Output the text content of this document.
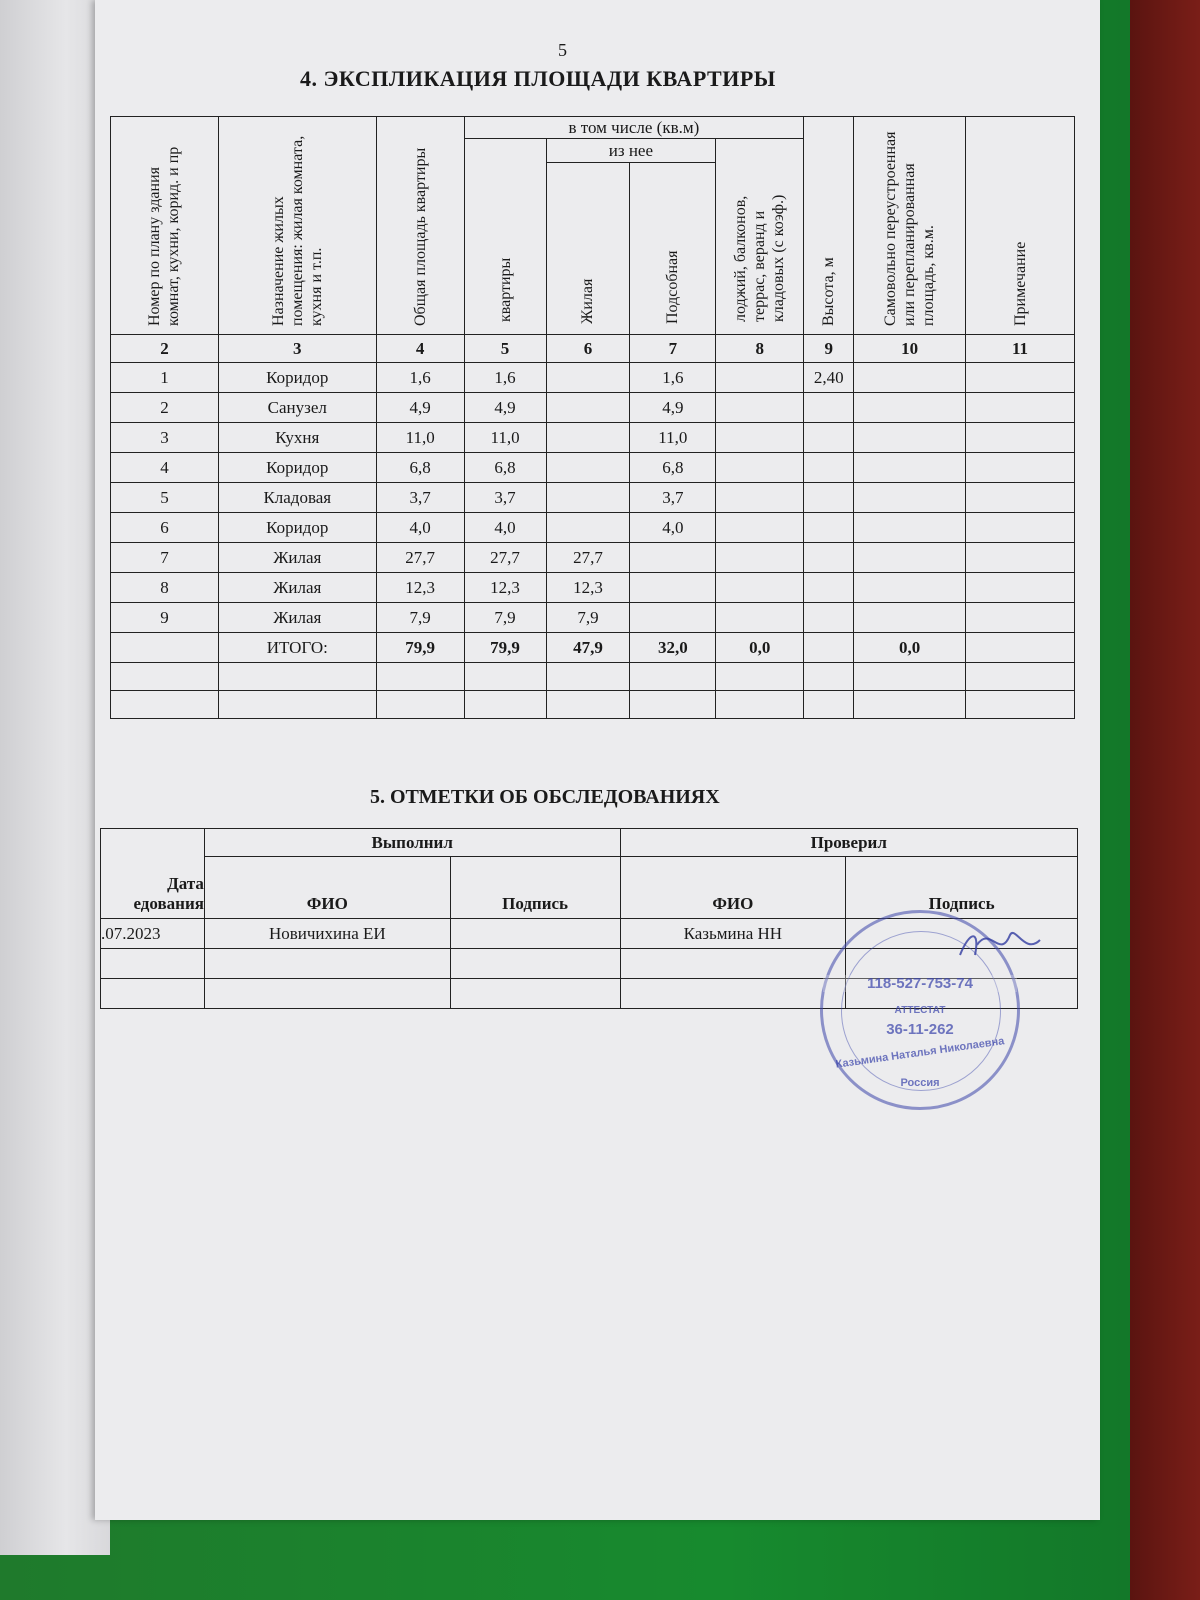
5
4. ЭКСПЛИКАЦИЯ ПЛОЩАДИ КВАРТИРЫ
Номер по плану здания комнат, кухни, корид. и пр	Назначение жилых помещения: жилая комната, кухня и т.п.	Общая площадь квартиры	в том числе (кв.м)				Высота, м	Самовольно переустроенная или перепланированная площадь, кв.м.	Примечание

			квартиры	из нее		лоджий, балконов, террас, веранд и кладовых (с коэф.)			

				Жилая	Подсобная				

2	3	4	5	6	7	8	9	10	11
1	Коридор	1,6	1,6		1,6		2,40		
2	Санузел	4,9	4,9		4,9				
3	Кухня	11,0	11,0		11,0				
4	Коридор	6,8	6,8		6,8				
5	Кладовая	3,7	3,7		3,7				
6	Коридор	4,0	4,0		4,0				
7	Жилая	27,7	27,7	27,7					
8	Жилая	12,3	12,3	12,3					
9	Жилая	7,9	7,9	7,9					
	ИТОГО:	79,9	79,9	47,9	32,0	0,0		0,0	

5. ОТМЕТКИ ОБ ОБСЛЕДОВАНИЯХ
Дата
едования	Выполнил		Проверил	
	ФИО	Подпись	ФИО	Подпись
.07.2023	Новичихина ЕИ		Казьмина НН	

118-527-753-74
АТТЕСТАТ
36-11-262
Россия
Казьмина Наталья Николаевна
